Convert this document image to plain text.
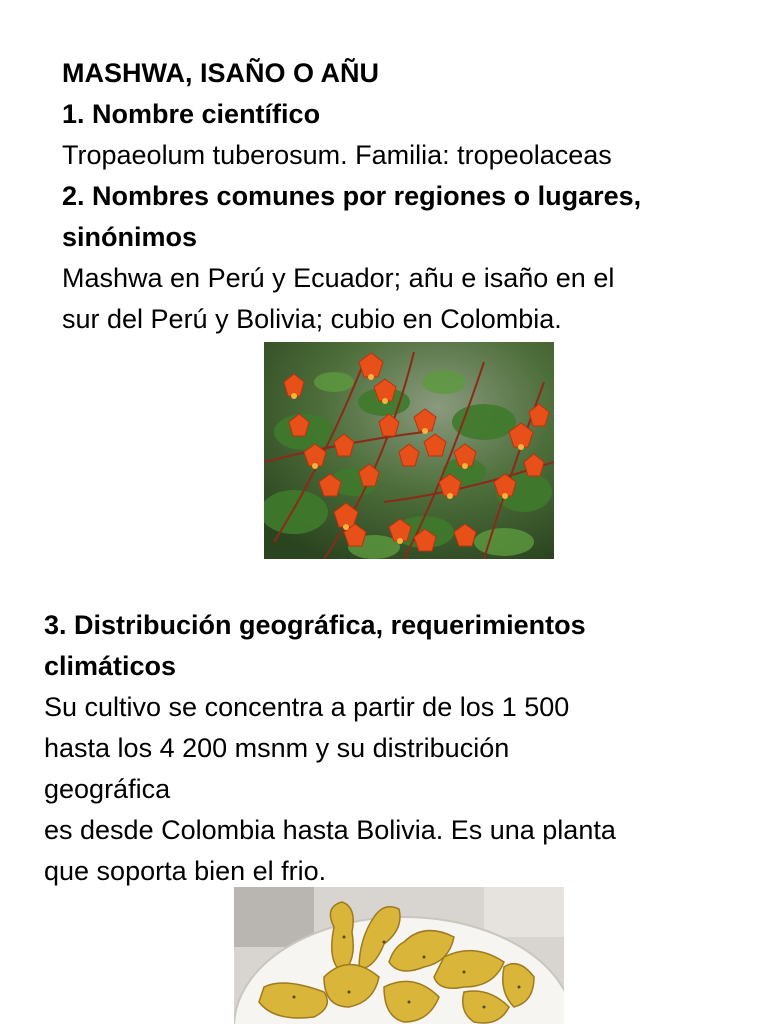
MASHWA, ISAÑO O AÑU
1. Nombre científico
Tropaeolum tuberosum. Familia: tropeolaceas
2. Nombres comunes por regiones o lugares,
sinónimos
Mashwa en Perú y Ecuador; añu e isaño en el
sur del Perú y Bolivia; cubio en Colombia.
3. Distribución geográfica, requerimientos
climáticos
Su cultivo se concentra a partir de los 1 500
hasta los 4 200 msnm y su distribución
geográfica
es desde Colombia hasta Bolivia. Es una planta
que soporta bien el frio.
